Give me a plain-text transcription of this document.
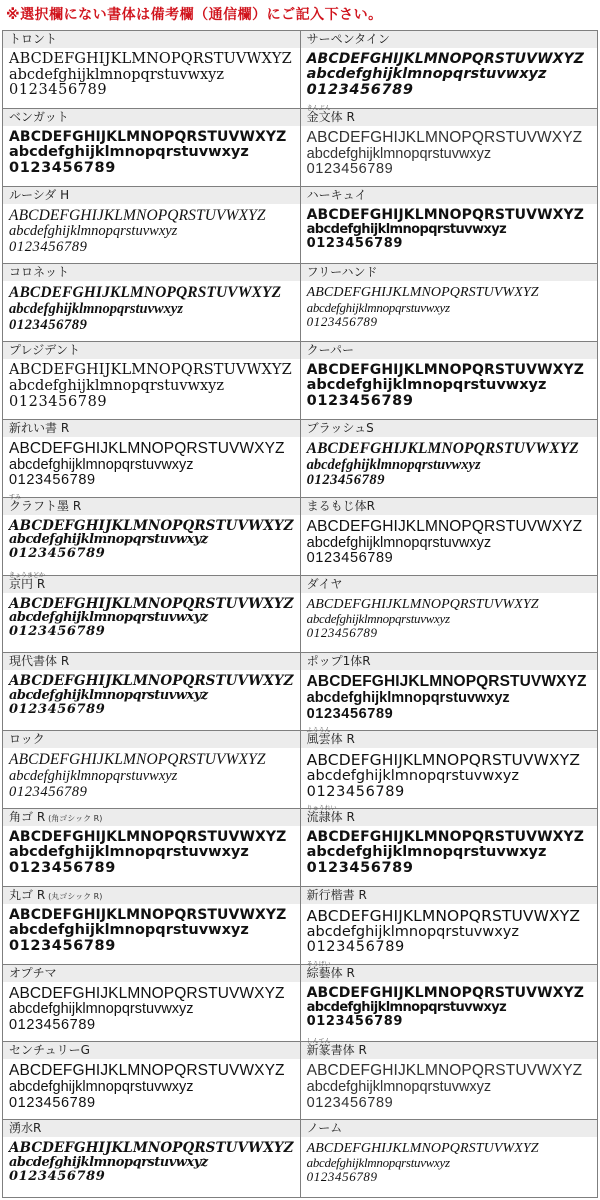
※選択欄にない書体は備考欄（通信欄）にご記入下さい。
トロント
ABCDEFGHIJKLMNOPQRSTUVWXYZ
abcdefghijklmnopqrstuvwxyz
0123456789
サーペンタイン
ABCDEFGHIJKLMNOPQRSTUVWXYZ
abcdefghijklmnopqrstuvwxyz
0123456789
ベンガット
ABCDEFGHIJKLMNOPQRSTUVWXYZ
abcdefghijklmnopqrstuvwxyz
0123456789
きんぶん
金文体 R
ABCDEFGHIJKLMNOPQRSTUVWXYZ
abcdefghijklmnopqrstuvwxyz
0123456789
ルーシダ H
ABCDEFGHIJKLMNOPQRSTUVWXYZ
abcdefghijklmnopqrstuvwxyz
0123456789
ハーキュイ
ABCDEFGHIJKLMNOPQRSTUVWXYZ
abcdefghijklmnopqrstuvwxyz
0123456789
コロネット
ABCDEFGHIJKLMNOPQRSTUVWXYZ
abcdefghijklmnopqrstuvwxyz
0123456789
フリーハンド
ABCDEFGHIJKLMNOPQRSTUVWXYZ
abcdefghijklmnopqrstuvwxyz
0123456789
プレジデント
ABCDEFGHIJKLMNOPQRSTUVWXYZ
abcdefghijklmnopqrstuvwxyz
0123456789
クーパー
ABCDEFGHIJKLMNOPQRSTUVWXYZ
abcdefghijklmnopqrstuvwxyz
0123456789
新れい書 R
ABCDEFGHIJKLMNOPQRSTUVWXYZ
abcdefghijklmnopqrstuvwxyz
0123456789
ブラッシュS
ABCDEFGHIJKLMNOPQRSTUVWXYZ
abcdefghijklmnopqrstuvwxyz
0123456789
すみ
クラフト墨 R
ABCDEFGHIJKLMNOPQRSTUVWXYZ
abcdefghijklmnopqrstuvwxyz
0123456789
まるもじ体R
ABCDEFGHIJKLMNOPQRSTUVWXYZ
abcdefghijklmnopqrstuvwxyz
0123456789
きょうまどか
京円 R
ABCDEFGHIJKLMNOPQRSTUVWXYZ
abcdefghijklmnopqrstuvwxyz
0123456789
ダイヤ
ABCDEFGHIJKLMNOPQRSTUVWXYZ
abcdefghijklmnopqrstuvwxyz
0123456789
現代書体 R
ABCDEFGHIJKLMNOPQRSTUVWXYZ
abcdefghijklmnopqrstuvwxyz
0123456789
ポップ1体R
ABCDEFGHIJKLMNOPQRSTUVWXYZ
abcdefghijklmnopqrstuvwxyz
0123456789
ロック
ABCDEFGHIJKLMNOPQRSTUVWXYZ
abcdefghijklmnopqrstuvwxyz
0123456789
ふううん
風雲体 R
ABCDEFGHIJKLMNOPQRSTUVWXYZ
abcdefghijklmnopqrstuvwxyz
0123456789
角ゴ R (角ゴシック R)
ABCDEFGHIJKLMNOPQRSTUVWXYZ
abcdefghijklmnopqrstuvwxyz
0123456789
りゅうれい
流隷体 R
ABCDEFGHIJKLMNOPQRSTUVWXYZ
abcdefghijklmnopqrstuvwxyz
0123456789
丸ゴ R (丸ゴシック R)
ABCDEFGHIJKLMNOPQRSTUVWXYZ
abcdefghijklmnopqrstuvwxyz
0123456789
新行楷書 R
ABCDEFGHIJKLMNOPQRSTUVWXYZ
abcdefghijklmnopqrstuvwxyz
0123456789
オプチマ
ABCDEFGHIJKLMNOPQRSTUVWXYZ
abcdefghijklmnopqrstuvwxyz
0123456789
そうげい
綜藝体 R
ABCDEFGHIJKLMNOPQRSTUVWXYZ
abcdefghijklmnopqrstuvwxyz
0123456789
センチュリーG
ABCDEFGHIJKLMNOPQRSTUVWXYZ
abcdefghijklmnopqrstuvwxyz
0123456789
しんてん
新篆書体 R
ABCDEFGHIJKLMNOPQRSTUVWXYZ
abcdefghijklmnopqrstuvwxyz
0123456789
湧水R
ABCDEFGHIJKLMNOPQRSTUVWXYZ
abcdefghijklmnopqrstuvwxyz
0123456789
ノーム
ABCDEFGHIJKLMNOPQRSTUVWXYZ
abcdefghijklmnopqrstuvwxyz
0123456789
